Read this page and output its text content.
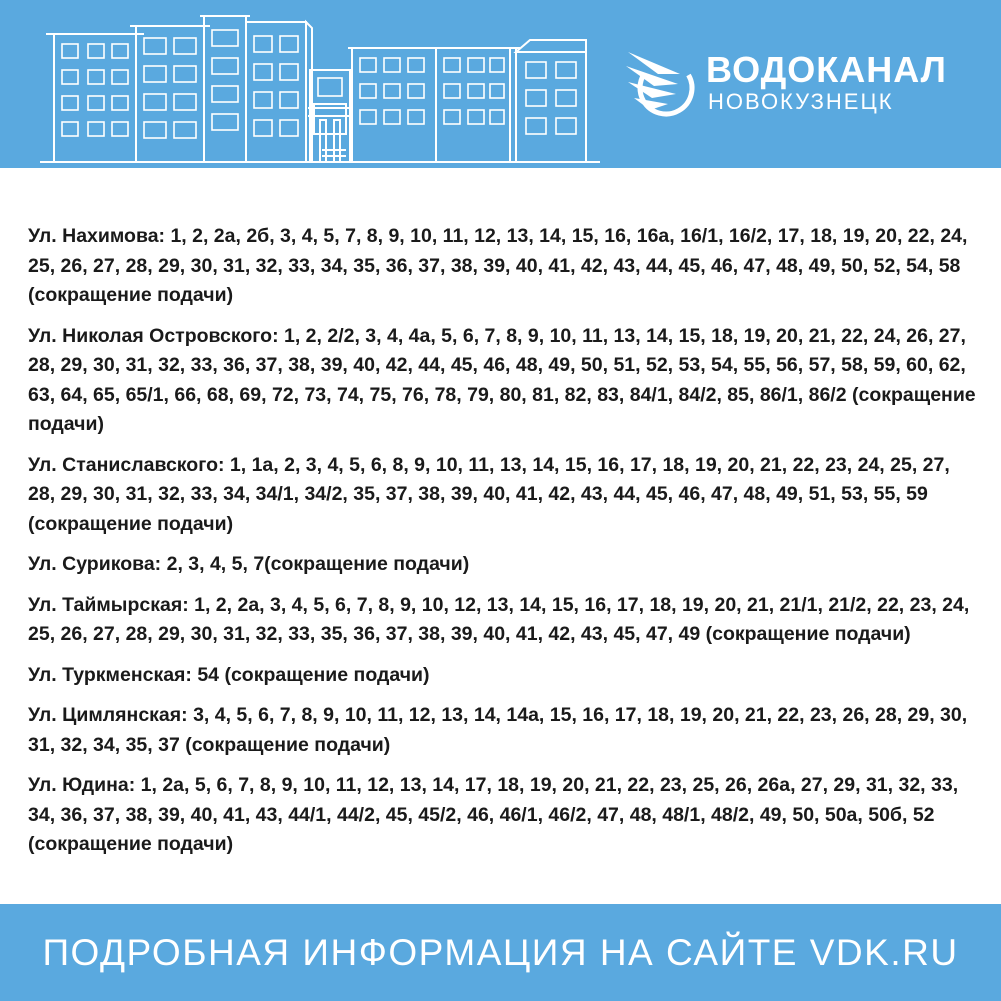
ВОДОКАНАЛ
НОВОКУЗНЕЦК
Ул. Нахимова: 1, 2, 2а, 2б, 3, 4, 5, 7, 8, 9, 10, 11, 12, 13, 14, 15, 16, 16а, 16/1, 16/2, 17, 18, 19, 20, 22, 24, 25, 26, 27, 28, 29, 30, 31, 32, 33, 34, 35, 36, 37, 38, 39, 40, 41, 42, 43, 44, 45, 46, 47, 48, 49, 50, 52, 54, 58 (сокращение подачи)
Ул. Николая Островского: 1, 2, 2/2, 3, 4, 4а, 5, 6, 7, 8, 9, 10, 11, 13, 14, 15, 18, 19, 20, 21, 22, 24, 26, 27, 28, 29, 30, 31, 32, 33, 36, 37, 38, 39, 40, 42, 44, 45, 46, 48, 49, 50, 51, 52, 53, 54, 55, 56, 57, 58, 59, 60, 62, 63, 64, 65, 65/1, 66, 68, 69, 72, 73, 74, 75, 76, 78, 79, 80, 81, 82, 83, 84/1, 84/2, 85, 86/1, 86/2 (сокращение подачи)
Ул. Станиславского: 1, 1а, 2, 3, 4, 5, 6, 8, 9, 10, 11, 13, 14, 15, 16, 17, 18, 19, 20, 21, 22, 23, 24, 25, 27, 28, 29, 30, 31, 32, 33, 34, 34/1, 34/2, 35, 37, 38, 39, 40, 41, 42, 43, 44, 45, 46, 47, 48, 49, 51, 53, 55, 59 (сокращение подачи)
Ул. Сурикова: 2, 3, 4, 5, 7(сокращение подачи)
Ул. Таймырская: 1, 2, 2а, 3, 4, 5, 6, 7, 8, 9, 10, 12, 13, 14, 15, 16, 17, 18, 19, 20, 21, 21/1, 21/2, 22, 23, 24, 25, 26, 27, 28, 29, 30, 31, 32, 33, 35, 36, 37, 38, 39, 40, 41, 42, 43, 45, 47, 49 (сокращение подачи)
Ул. Туркменская: 54 (сокращение подачи)
Ул. Цимлянская: 3, 4, 5, 6, 7, 8, 9, 10, 11, 12, 13, 14, 14а, 15, 16, 17, 18, 19, 20, 21, 22, 23, 26, 28, 29, 30, 31, 32, 34, 35, 37 (сокращение подачи)
Ул. Юдина: 1, 2а, 5, 6, 7, 8, 9, 10, 11, 12, 13, 14, 17, 18, 19, 20, 21, 22, 23, 25, 26, 26а, 27, 29, 31, 32, 33, 34, 36, 37, 38, 39, 40, 41, 43, 44/1, 44/2, 45, 45/2, 46, 46/1, 46/2, 47, 48, 48/1, 48/2, 49, 50, 50а, 50б, 52 (сокращение подачи)
ПОДРОБНАЯ ИНФОРМАЦИЯ НА САЙТЕ VDK.RU
